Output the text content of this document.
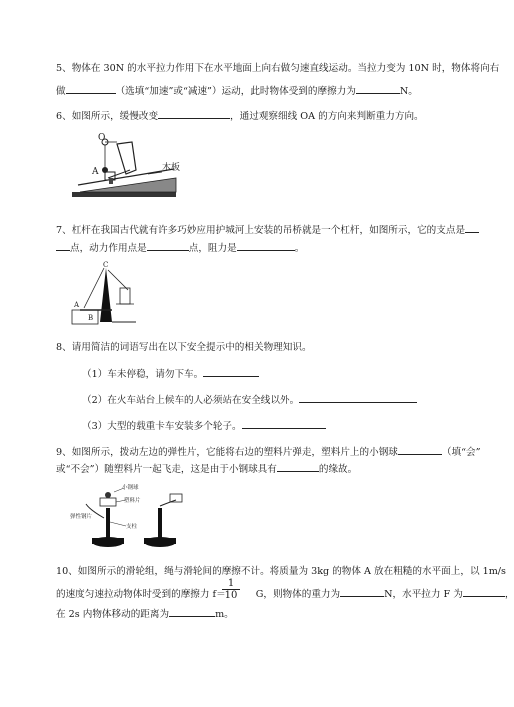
5、物体在 30N 的水平拉力作用下在水平地面上向右做匀速直线运动。当拉力变为 10N 时，物体将向右
做	（选填“加速”或“减速”）运动，此时物体受到的摩擦力为	N。
6、如图所示，缓慢改变	，通过观察细线 OA 的方向来判断重力方向。
O
A	木板
7、杠杆在我国古代就有许多巧妙应用护城河上安装的吊桥就是一个杠杆，如图所示，它的支点是
点，动力作用点是	点，阻力是	。
C
A
B
8、请用简洁的词语写出在以下安全提示中的相关物理知识。
（1）车未停稳，请勿下车。
（2）在火车站台上候车的人必须站在安全线以外。
（3）大型的载重卡车安装多个轮子。
9、如图所示，拨动左边的弹性片，它能将右边的塑料片弹走，塑料片上的小钢球	（填“会”
或“不会”）随塑料片一起飞走，这是由于小钢球具有	的缘故。
小钢球
塑料片
弹性钢片
支柱
10、如图所示的滑轮组，绳与滑轮间的摩擦不计。将质量为 3kg 的物体 A 放在粗糙的水平面上，以 1m/s
的速度匀速拉动物体时受到的摩擦力 f＝	G，则物体的重力为	N，水平拉力 F 为	，
$\frac{1}{10}$
在 2s 内物体移动的距离为	m。
